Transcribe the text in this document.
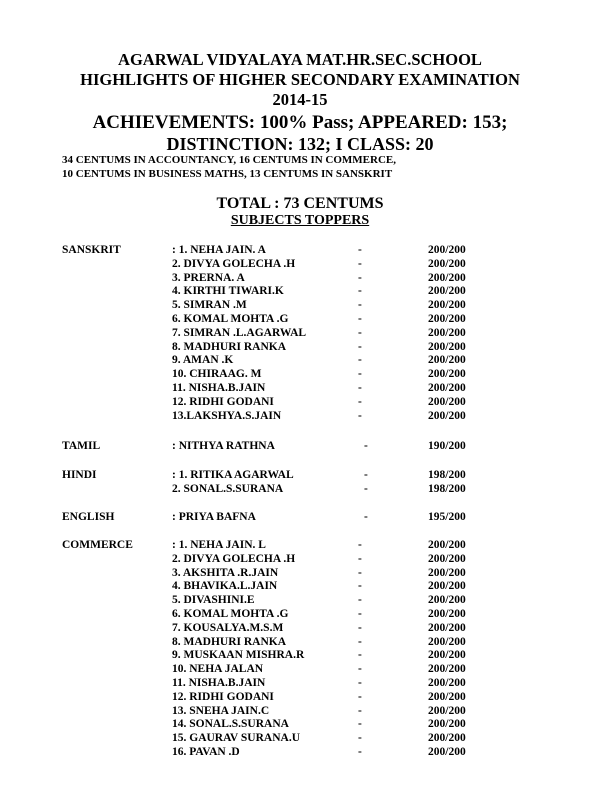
AGARWAL VIDYALAYA MAT.HR.SEC.SCHOOL
HIGHLIGHTS OF HIGHER SECONDARY EXAMINATION
2014-15
ACHIEVEMENTS: 100% Pass; APPEARED: 153;
DISTINCTION: 132; I CLASS: 20
34 CENTUMS IN ACCOUNTANCY, 16 CENTUMS IN COMMERCE,
10 CENTUMS IN BUSINESS MATHS, 13 CENTUMS IN SANSKRIT
TOTAL : 73 CENTUMS
SUBJECTS TOPPERS
SANSKRIT	: 1. NEHA JAIN. A	-	200/200
2. DIVYA GOLECHA .H	-	200/200
3. PRERNA. A	-	200/200
4. KIRTHI TIWARI.K	-	200/200
5. SIMRAN .M	-	200/200
6. KOMAL MOHTA .G	-	200/200
7. SIMRAN .L.AGARWAL	-	200/200
8. MADHURI RANKA	-	200/200
9. AMAN .K	-	200/200
10. CHIRAAG. M	-	200/200
11. NISHA.B.JAIN	-	200/200
12. RIDHI GODANI	-	200/200
13.LAKSHYA.S.JAIN	-	200/200
TAMIL	: NITHYA RATHNA	-	190/200
HINDI	: 1. RITIKA AGARWAL	-	198/200
2. SONAL.S.SURANA	-	198/200
ENGLISH	: PRIYA BAFNA	-	195/200
COMMERCE	: 1. NEHA JAIN. L	-	200/200
2. DIVYA GOLECHA .H	-	200/200
3. AKSHITA .R.JAIN	-	200/200
4. BHAVIKA.L.JAIN	-	200/200
5. DIVASHINI.E	-	200/200
6. KOMAL MOHTA .G	-	200/200
7. KOUSALYA.M.S.M	-	200/200
8. MADHURI RANKA	-	200/200
9. MUSKAAN MISHRA.R	-	200/200
10. NEHA JALAN	-	200/200
11. NISHA.B.JAIN	-	200/200
12. RIDHI GODANI	-	200/200
13. SNEHA JAIN.C	-	200/200
14. SONAL.S.SURANA	-	200/200
15. GAURAV SURANA.U	-	200/200
16. PAVAN .D	-	200/200
